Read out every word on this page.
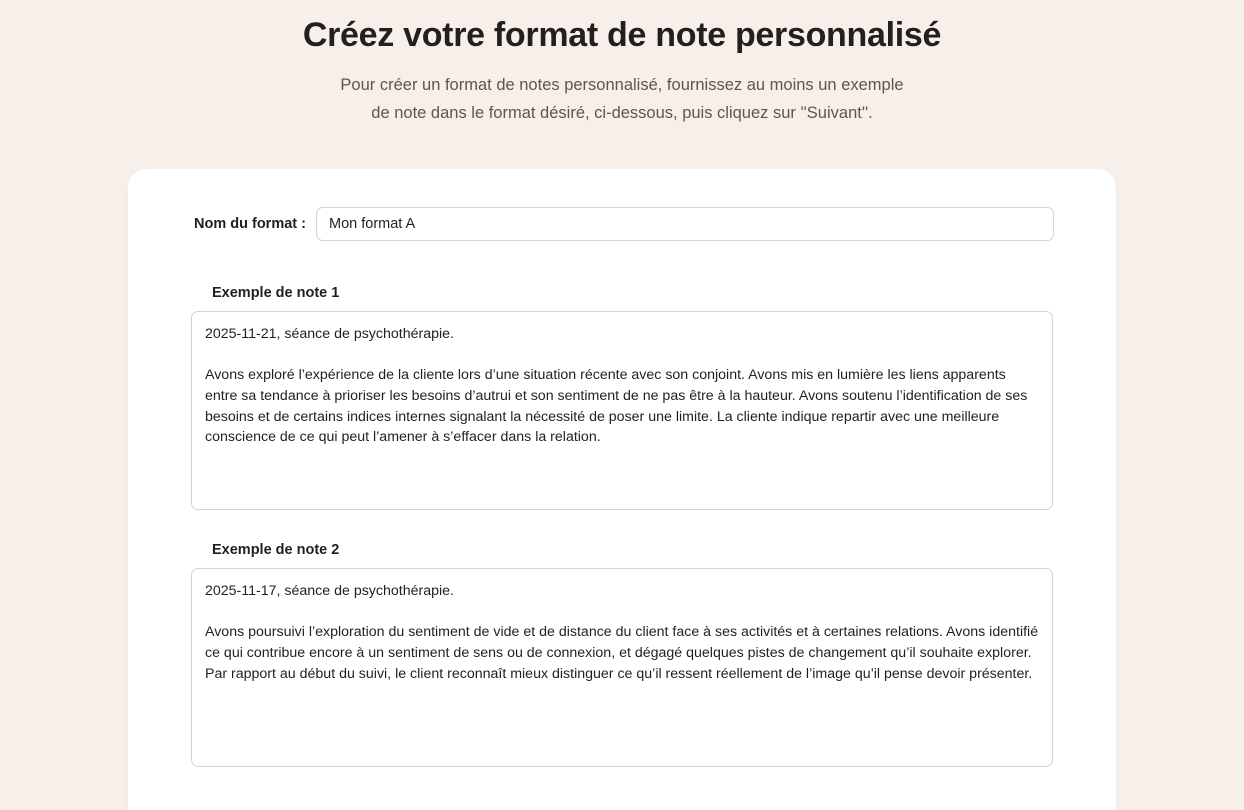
Créez votre format de note personnalisé

Pour créer un format de notes personnalisé, fournissez au moins un exemple
de note dans le format désiré, ci-dessous, puis cliquez sur ''Suivant''.

Nom du format :
Mon format A
Exemple de note 1
2025-11-21, séance de psychothérapie. Avons exploré l’expérience de la cliente lors d’une situation récente avec son conjoint. Avons mis en lumière les liens apparents entre sa tendance à prioriser les besoins d’autrui et son sentiment de ne pas être à la hauteur. Avons soutenu l’identification de ses besoins et de certains indices internes signalant la nécessité de poser une limite. La cliente indique repartir avec une meilleure conscience de ce qui peut l’amener à s’effacer dans la relation.
Exemple de note 2
2025-11-17, séance de psychothérapie. Avons poursuivi l’exploration du sentiment de vide et de distance du client face à ses activités et à certaines relations. Avons identifié ce qui contribue encore à un sentiment de sens ou de connexion, et dégagé quelques pistes de changement qu’il souhaite explorer. Par rapport au début du suivi, le client reconnaît mieux distinguer ce qu’il ressent réellement de l’image qu’il pense devoir présenter.
